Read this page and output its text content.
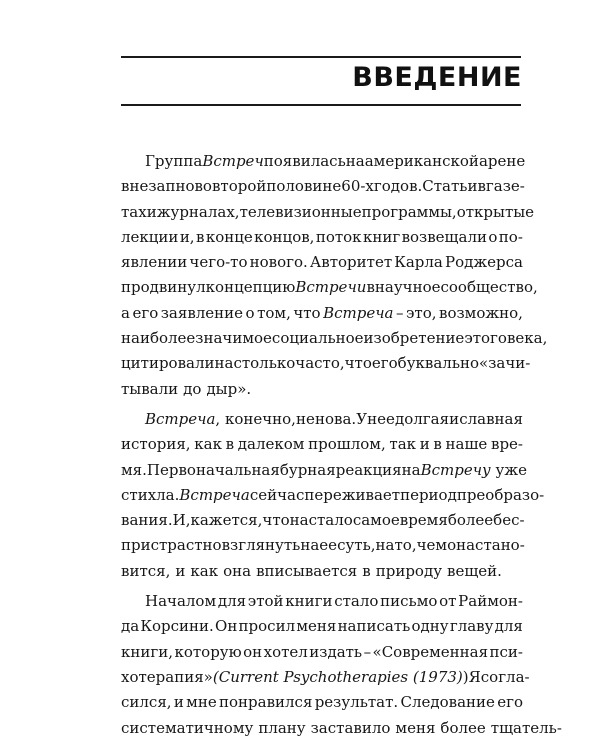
ВВЕДЕНИЕ
Группа Встреч появилась на американской арене
внезапно во второй половине 60-х годов. Статьи в газе-
тах и журналах, телевизионные программы, открытые
лекции и, в конце концов, поток книг возвещали о по-
явлении чего-то нового. Авторитет Карла Роджерса
продвинул концепцию Встречи в научное сообщество,
а его заявление о том, что Встреча – это, возможно,
наиболее значимое социальное изобретение этого века,
цитировали настолько часто, что его буквально «зачи-
тывали до дыр».
Встреча, конечно, не нова. У нее долгая и славная
история, как в далеком прошлом, так и в наше вре-
мя. Первоначальная бурная реакция на Встречу уже
стихла. Встреча сейчас переживает период преобразо-
вания. И, кажется, что настало самое время более бес-
пристрастно взглянуть на ее суть, на то, чем она стано-
вится, и как она вписывается в природу вещей.
Началом для этой книги стало письмо от Раймон-
да Корсини. Он просил меня написать одну главу для
книги, которую он хотел издать – «Современная пси-
хотерапия» (Current Psychotherapies (1973)) Я согла-
сился, и мне понравился результат. Следование его
систематичному плану заставило меня более тщатель-
